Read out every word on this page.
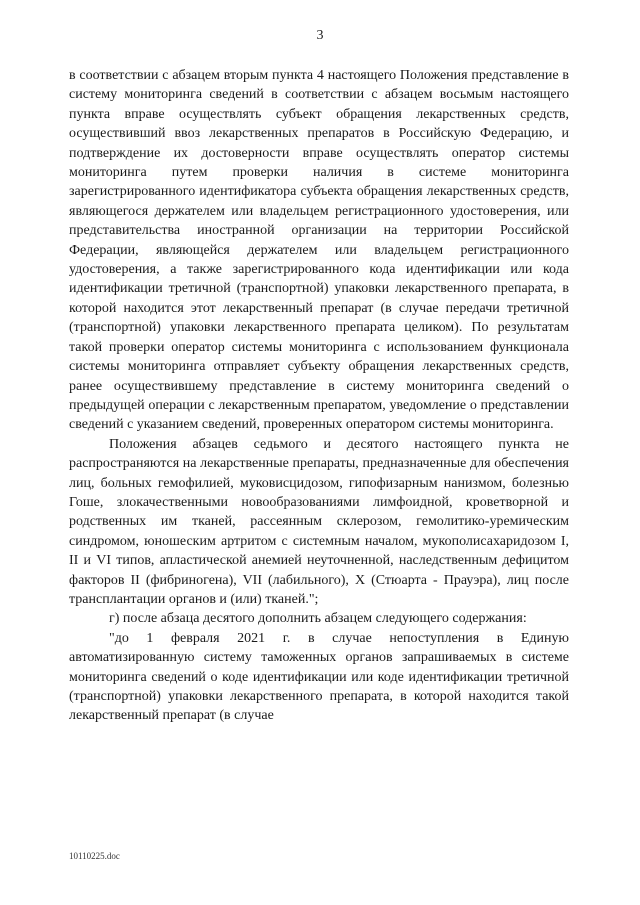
3

в соответствии с абзацем вторым пункта 4 настоящего Положения представление в систему мониторинга сведений в соответствии с абзацем восьмым настоящего пункта вправе осуществлять субъект обращения лекарственных средств, осуществивший ввоз лекарственных препаратов в Российскую Федерацию, и подтверждение их достоверности вправе осуществлять оператор системы мониторинга путем проверки наличия в системе мониторинга зарегистрированного идентификатора субъекта обращения лекарственных средств, являющегося держателем или владельцем регистрационного удостоверения, или представительства иностранной организации на территории Российской Федерации, являющейся держателем или владельцем регистрационного удостоверения, а также зарегистрированного кода идентификации или кода идентификации третичной (транспортной) упаковки лекарственного препарата, в которой находится этот лекарственный препарат (в случае передачи третичной (транспортной) упаковки лекарственного препарата целиком). По результатам такой проверки оператор системы мониторинга с использованием функционала системы мониторинга отправляет субъекту обращения лекарственных средств, ранее осуществившему представление в систему мониторинга сведений о предыдущей операции с лекарственным препаратом, уведомление о представлении сведений с указанием сведений, проверенных оператором системы мониторинга.

Положения абзацев седьмого и десятого настоящего пункта не распространяются на лекарственные препараты, предназначенные для обеспечения лиц, больных гемофилией, муковисцидозом, гипофизарным нанизмом, болезнью Гоше, злокачественными новообразованиями лимфоидной, кроветворной и родственных им тканей, рассеянным склерозом, гемолитико-уремическим синдромом, юношеским артритом с системным началом, мукополисахаридозом I, II и VI типов, апластической анемией неуточненной, наследственным дефицитом факторов II (фибриногена), VII (лабильного), X (Стюарта - Прауэра), лиц после трансплантации органов и (или) тканей.";

г) после абзаца десятого дополнить абзацем следующего содержания:

"до 1 февраля 2021 г. в случае непоступления в Единую автоматизированную систему таможенных органов запрашиваемых в системе мониторинга сведений о коде идентификации или коде идентификации третичной (транспортной) упаковки лекарственного препарата, в которой находится такой лекарственный препарат (в случае

10110225.doc
